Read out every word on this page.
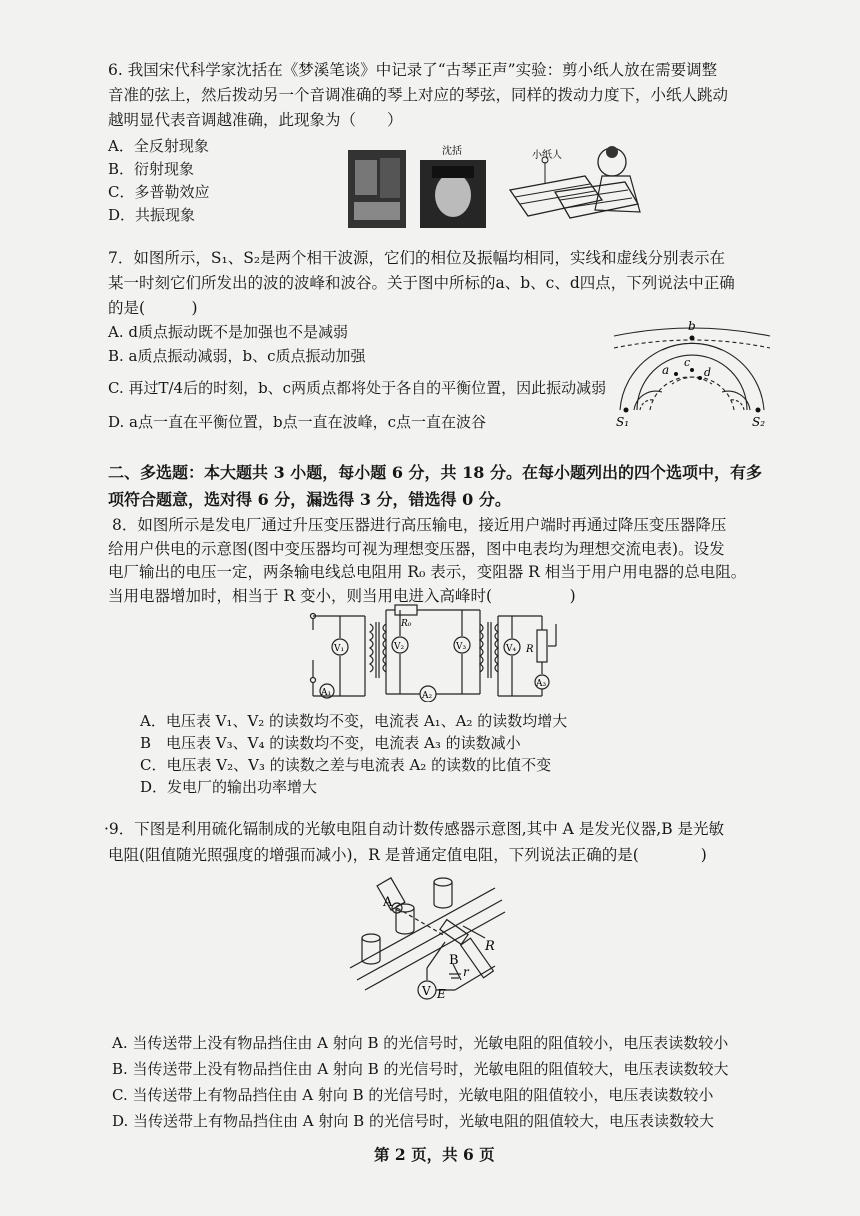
6. 我国宋代科学家沈括在《梦溪笔谈》中记录了“古琴正声”实验：剪小纸人放在需要调整
音准的弦上，然后拨动另一个音调准确的琴上对应的琴弦，同样的拨动力度下，小纸人跳动
越明显代表音调越准确，此现象为（　　）
A．全反射现象
B．衍射现象
C．多普勒效应
D．共振现象
沈括	小纸人
7．如图所示，S₁、S₂是两个相干波源，它们的相位及振幅均相同，实线和虚线分别表示在
某一时刻它们所发出的波的波峰和波谷。关于图中所标的a、b、c、d四点，下列说法中正确
的是(　　　)
A. d质点振动既不是加强也不是减弱
B. a质点振动减弱，b、c质点振动加强
C. 再过T/4后的时刻，b、c两质点都将处于各自的平衡位置，因此振动减弱
D. a点一直在平衡位置，b点一直在波峰，c点一直在波谷
b
a
c
d
S₁	S₂
二、多选题：本大题共 3 小题，每小题 6 分，共 18 分。在每小题列出的四个选项中，有多
项符合题意，选对得 6 分，漏选得 3 分，错选得 0 分。
8．如图所示是发电厂通过升压变压器进行高压输电，接近用户端时再通过降压变压器降压
给用户供电的示意图(图中变压器均可视为理想变压器，图中电表均为理想交流电表)。设发
电厂输出的电压一定，两条输电线总电阻用 R₀ 表示，变阻器 R 相当于用户用电器的总电阻。
当用电器增加时，相当于 R 变小，则当用电进入高峰时(　　　　　)
R₀
V₁	V₂	V₃	V₄
A₁	A₂
A₃
R
A．电压表 V₁、V₂ 的读数均不变，电流表 A₁、A₂ 的读数均增大
B　电压表 V₃、V₄ 的读数均不变，电流表 A₃ 的读数减小
C．电压表 V₂、V₃ 的读数之差与电流表 A₂ 的读数的比值不变
D．发电厂的输出功率增大
·9．下图是利用硫化镉制成的光敏电阻自动计数传感器示意图,其中 A 是发光仪器,B 是光敏
电阻(阻值随光照强度的增强而减小)，R 是普通定值电阻，下列说法正确的是(　　　　)
A
B
R
r
V E
A. 当传送带上没有物品挡住由 A 射向 B 的光信号时，光敏电阻的阻值较小，电压表读数较小
B. 当传送带上没有物品挡住由 A 射向 B 的光信号时，光敏电阻的阻值较大，电压表读数较大
C. 当传送带上有物品挡住由 A 射向 B 的光信号时，光敏电阻的阻值较小，电压表读数较小
D. 当传送带上有物品挡住由 A 射向 B 的光信号时，光敏电阻的阻值较大，电压表读数较大
第 2 页，共 6 页
